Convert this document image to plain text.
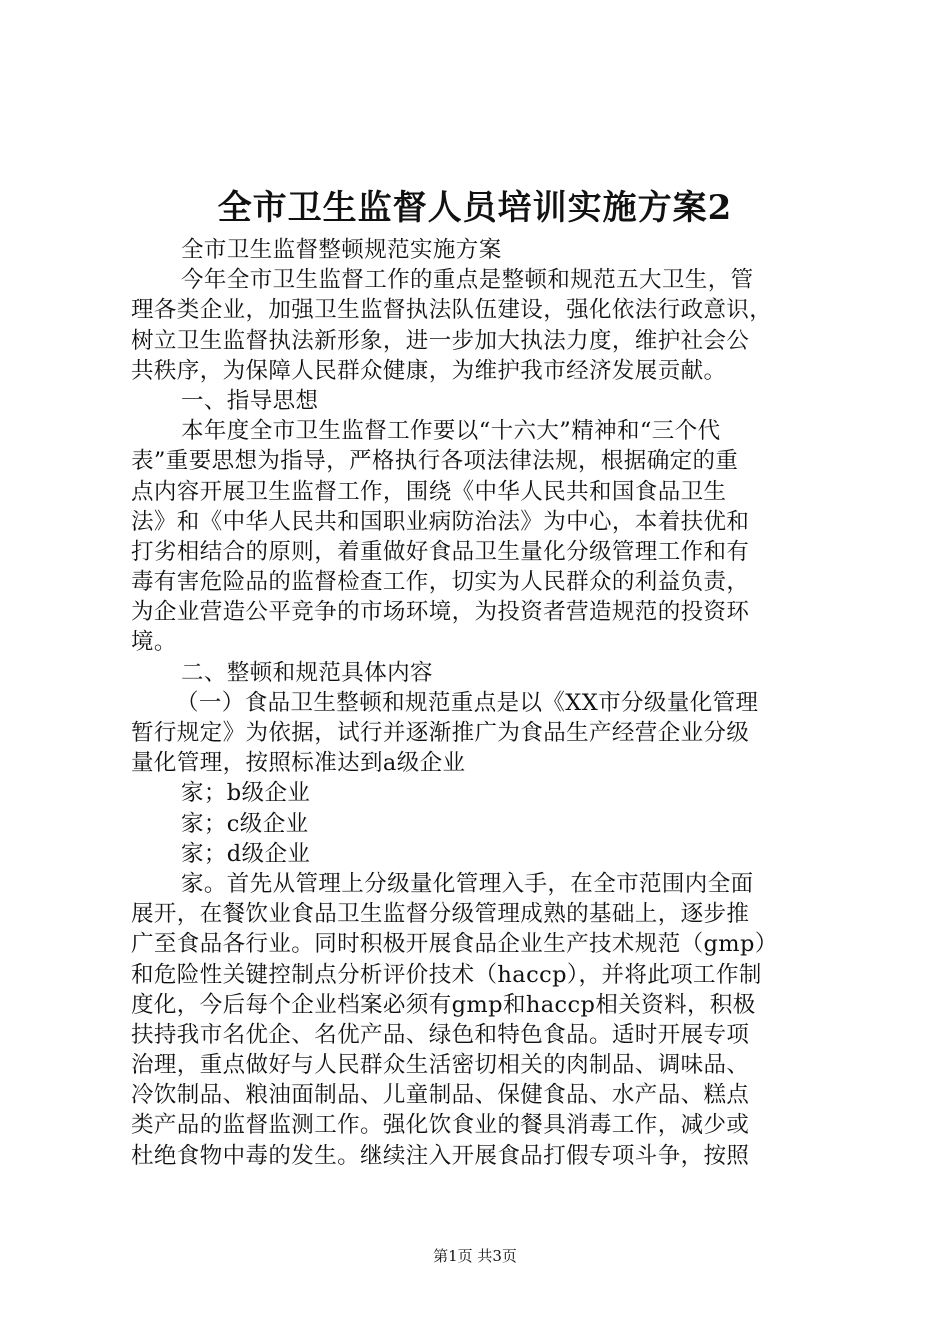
全市卫生监督人员培训实施方案2
全市卫生监督整顿规范实施方案
今年全市卫生监督工作的重点是整顿和规范五大卫生，管
理各类企业，加强卫生监督执法队伍建设，强化依法行政意识，
树立卫生监督执法新形象，进一步加大执法力度，维护社会公
共秩序，为保障人民群众健康，为维护我市经济发展贡献。
一、指导思想
本年度全市卫生监督工作要以“十六大”精神和“三个代
表”重要思想为指导，严格执行各项法律法规，根据确定的重
点内容开展卫生监督工作，围绕《中华人民共和国食品卫生
法》和《中华人民共和国职业病防治法》为中心，本着扶优和
打劣相结合的原则，着重做好食品卫生量化分级管理工作和有
毒有害危险品的监督检查工作，切实为人民群众的利益负责，
为企业营造公平竞争的市场环境，为投资者营造规范的投资环
境。
二、整顿和规范具体内容
（一）食品卫生整顿和规范重点是以《XX市分级量化管理
暂行规定》为依据，试行并逐渐推广为食品生产经营企业分级
量化管理，按照标准达到a级企业
家；b级企业
家；c级企业
家；d级企业
家。首先从管理上分级量化管理入手，在全市范围内全面
展开，在餐饮业食品卫生监督分级管理成熟的基础上，逐步推
广至食品各行业。同时积极开展食品企业生产技术规范（gmp）
和危险性关键控制点分析评价技术（haccp），并将此项工作制
度化，今后每个企业档案必须有gmp和haccp相关资料，积极
扶持我市名优企、名优产品、绿色和特色食品。适时开展专项
治理，重点做好与人民群众生活密切相关的肉制品、调味品、
冷饮制品、粮油面制品、儿童制品、保健食品、水产品、糕点
类产品的监督监测工作。强化饮食业的餐具消毒工作，减少或
杜绝食物中毒的发生。继续注入开展食品打假专项斗争，按照
第1页 共3页
